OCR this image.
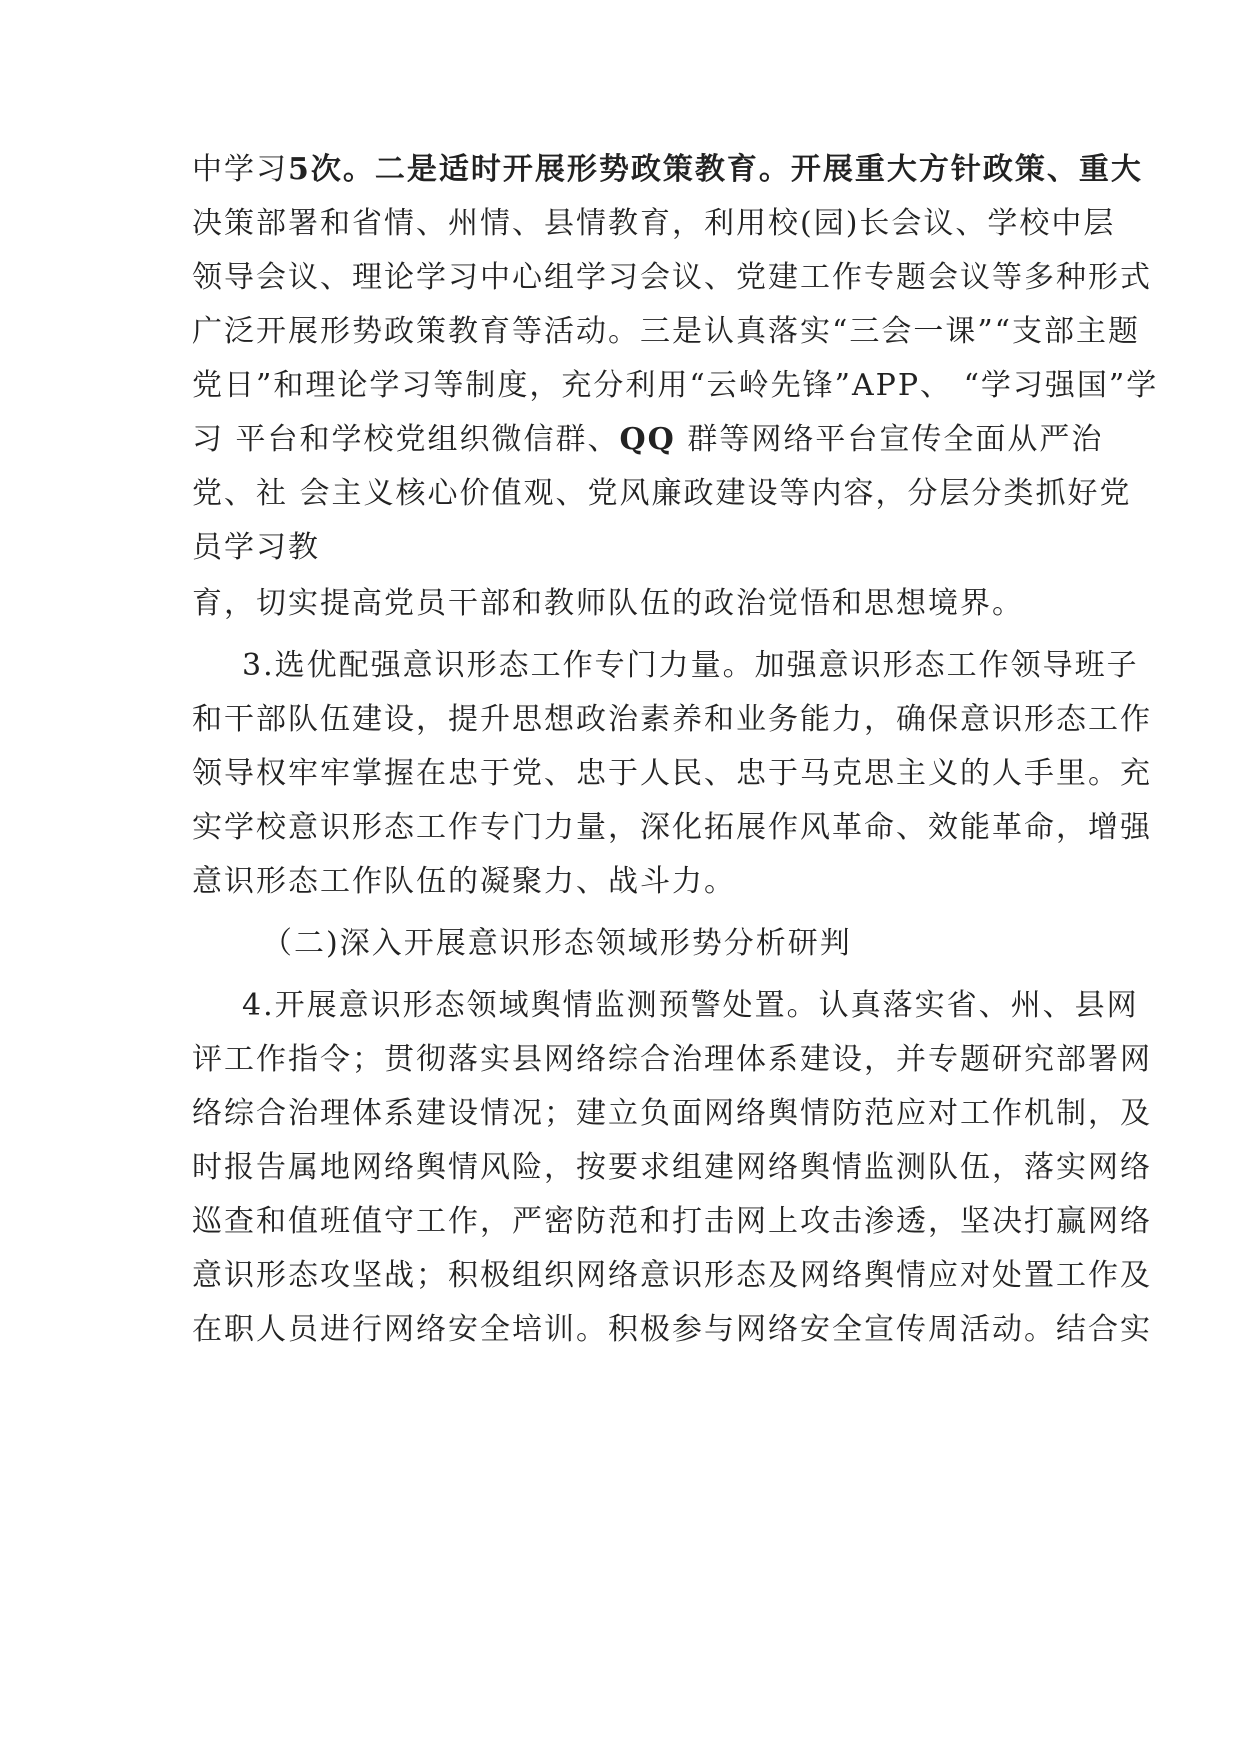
中学习5次。二是适时开展形势政策教育。开展重大方针政策、重大
决策部署和省情、州情、县情教育，利用校(园)长会议、学校中层
领导会议、理论学习中心组学习会议、党建工作专题会议等多种形式
广泛开展形势政策教育等活动。三是认真落实“三会一课”“支部主题
党日”和理论学习等制度，充分利用“云岭先锋”APP、 “学习强国”学
习 平台和学校党组织微信群、QQ 群等网络平台宣传全面从严治
党、社 会主义核心价值观、党风廉政建设等内容，分层分类抓好党
员学习教
育，切实提高党员干部和教师队伍的政治觉悟和思想境界。
3.选优配强意识形态工作专门力量。加强意识形态工作领导班子
和干部队伍建设，提升思想政治素养和业务能力，确保意识形态工作
领导权牢牢掌握在忠于党、忠于人民、忠于马克思主义的人手里。充
实学校意识形态工作专门力量，深化拓展作风革命、效能革命，增强
意识形态工作队伍的凝聚力、战斗力。
（二)深入开展意识形态领域形势分析研判
4.开展意识形态领域舆情监测预警处置。认真落实省、州、县网
评工作指令；贯彻落实县网络综合治理体系建设，并专题研究部署网
络综合治理体系建设情况；建立负面网络舆情防范应对工作机制，及
时报告属地网络舆情风险，按要求组建网络舆情监测队伍，落实网络
巡查和值班值守工作，严密防范和打击网上攻击渗透，坚决打赢网络
意识形态攻坚战；积极组织网络意识形态及网络舆情应对处置工作及
在职人员进行网络安全培训。积极参与网络安全宣传周活动。结合实
